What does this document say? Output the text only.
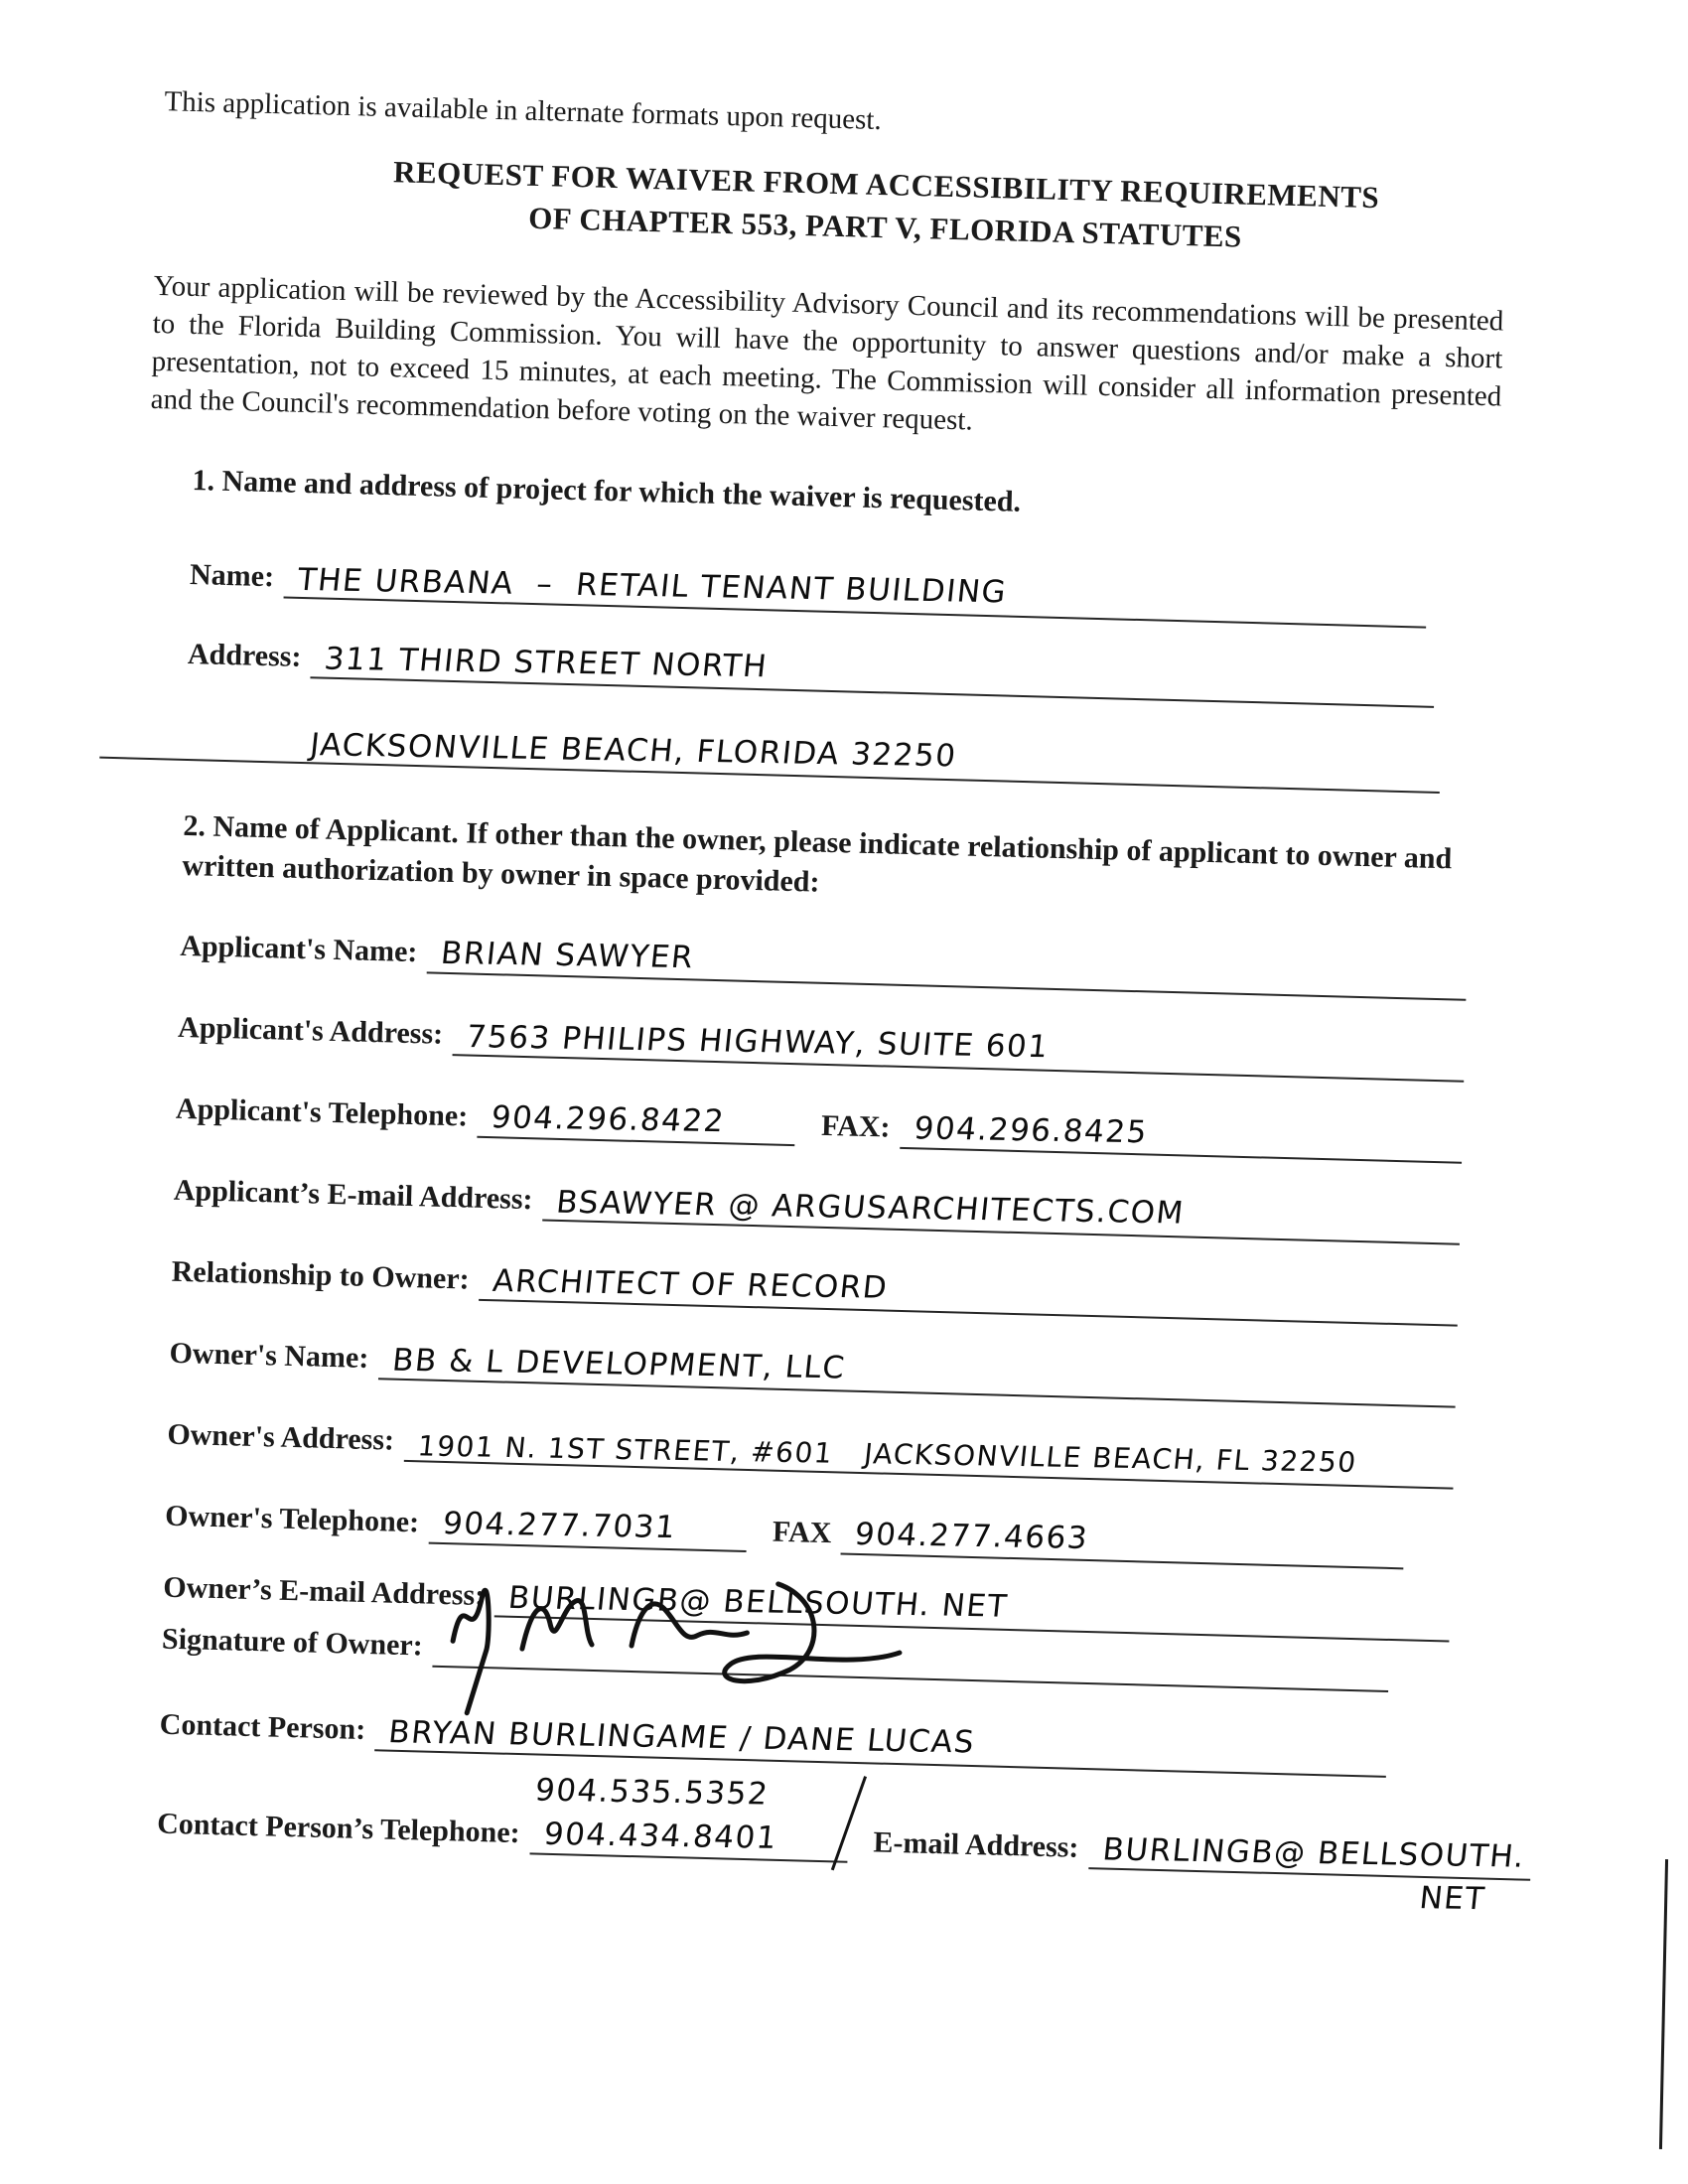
This application is available in alternate formats upon request.
REQUEST FOR WAIVER FROM ACCESSIBILITY REQUIREMENTS
OF CHAPTER 553, PART V, FLORIDA STATUTES
Your application will be reviewed by the Accessibility Advisory Council and its recommendations will be presented to the Florida Building Commission. You will have the opportunity to answer questions and/or make a short presentation, not to exceed 15 minutes, at each meeting. The Commission will consider all information presented and the Council's recommendation before voting on the waiver request.
1. Name and address of project for which the waiver is requested.
Name: THE URBANA  –  RETAIL TENANT BUILDING
Address: 311 THIRD STREET NORTH
JACKSONVILLE BEACH, FLORIDA 32250
2. Name of Applicant. If other than the owner, please indicate relationship of applicant to owner and written authorization by owner in space provided:
Applicant's Name: BRIAN SAWYER
Applicant's Address: 7563 PHILIPS HIGHWAY, SUITE 601
Applicant's Telephone: 904.296.8422	FAX: 904.296.8425
Applicant’s E-mail Address: BSAWYER @ ARGUSARCHITECTS.COM
Relationship to Owner: ARCHITECT OF RECORD
Owner's Name: BB & L DEVELOPMENT, LLC
Owner's Address: 1901 N. 1ST STREET, #601   JACKSONVILLE BEACH, FL 32250
Owner's Telephone: 904.277.7031	FAX 904.277.4663
Owner’s E-mail Address: BURLINGB@ BELLSOUTH. NET
Signature of Owner:
Contact Person: BRYAN BURLINGAME / DANE LUCAS
Contact Person’s Telephone:
904.535.5352
904.434.8401	E-mail Address: BURLINGB@ BELLSOUTH.
NET
